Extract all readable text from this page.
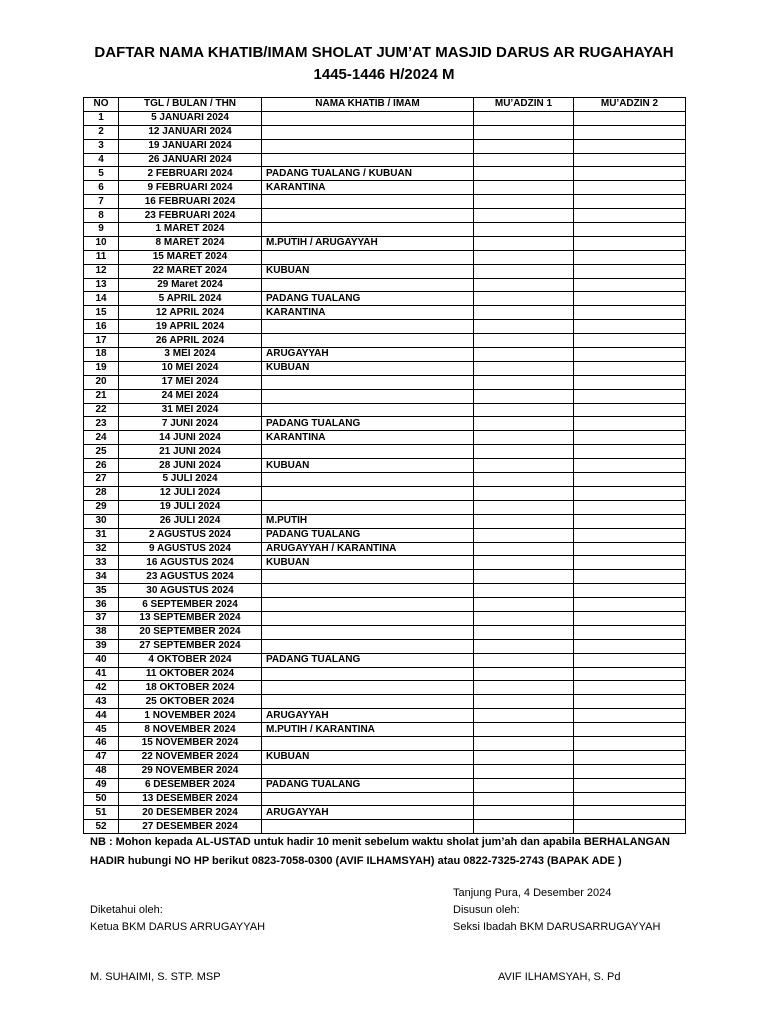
DAFTAR NAMA KHATIB/IMAM SHOLAT JUM’AT MASJID DARUS AR RUGAHAYAH
1445-1446 H/2024 M
NO	TGL / BULAN / THN	NAMA KHATIB / IMAM	MU’ADZIN 1	MU’ADZIN 2
1	5 JANUARI 2024			
2	12 JANUARI 2024			
3	19 JANUARI 2024			
4	26 JANUARI 2024			
5	2 FEBRUARI 2024	PADANG TUALANG / KUBUAN		
6	9 FEBRUARI 2024	KARANTINA		
7	16 FEBRUARI 2024			
8	23 FEBRUARI 2024			
9	1 MARET 2024			
10	8 MARET 2024	M.PUTIH / ARUGAYYAH		
11	15 MARET 2024			
12	22 MARET 2024	KUBUAN		
13	29 Maret 2024			
14	5 APRIL 2024	PADANG TUALANG		
15	12 APRIL 2024	KARANTINA		
16	19 APRIL 2024			
17	26 APRIL 2024			
18	3 MEI 2024	ARUGAYYAH		
19	10 MEI 2024	KUBUAN		
20	17 MEI 2024			
21	24 MEI 2024			
22	31 MEI 2024			
23	7 JUNI 2024	PADANG TUALANG		
24	14 JUNI 2024	KARANTINA		
25	21 JUNI 2024			
26	28 JUNI 2024	KUBUAN		
27	5 JULI 2024			
28	12 JULI 2024			
29	19 JULI 2024			
30	26 JULI 2024	M.PUTIH		
31	2 AGUSTUS 2024	PADANG TUALANG		
32	9 AGUSTUS 2024	ARUGAYYAH / KARANTINA		
33	16 AGUSTUS 2024	KUBUAN		
34	23 AGUSTUS 2024			
35	30 AGUSTUS 2024			
36	6 SEPTEMBER 2024			
37	13 SEPTEMBER 2024			
38	20 SEPTEMBER 2024			
39	27 SEPTEMBER 2024			
40	4 OKTOBER 2024	PADANG TUALANG		
41	11 OKTOBER 2024			
42	18 OKTOBER 2024			
43	25 OKTOBER 2024			
44	1 NOVEMBER 2024	ARUGAYYAH		
45	8 NOVEMBER 2024	M.PUTIH / KARANTINA		
46	15 NOVEMBER 2024			
47	22 NOVEMBER 2024	KUBUAN		
48	29 NOVEMBER 2024			
49	6 DESEMBER 2024	PADANG TUALANG		
50	13 DESEMBER 2024			
51	20 DESEMBER 2024	ARUGAYYAH		
52	27 DESEMBER 2024			
NB : Mohon kepada AL-USTAD untuk hadir 10 menit sebelum waktu sholat jum’ah dan apabila BERHALANGAN HADIR hubungi NO HP berikut 0823-7058-0300 (AVIF ILHAMSYAH) atau 0822-7325-2743 (BAPAK ADE )
Tanjung Pura, 4 Desember 2024
Diketahui oleh:	Disusun oleh:
Ketua BKM DARUS ARRUGAYYAH	Seksi Ibadah BKM DARUSARRUGAYYAH
M. SUHAIMI, S. STP. MSP	AVIF ILHAMSYAH, S. Pd
